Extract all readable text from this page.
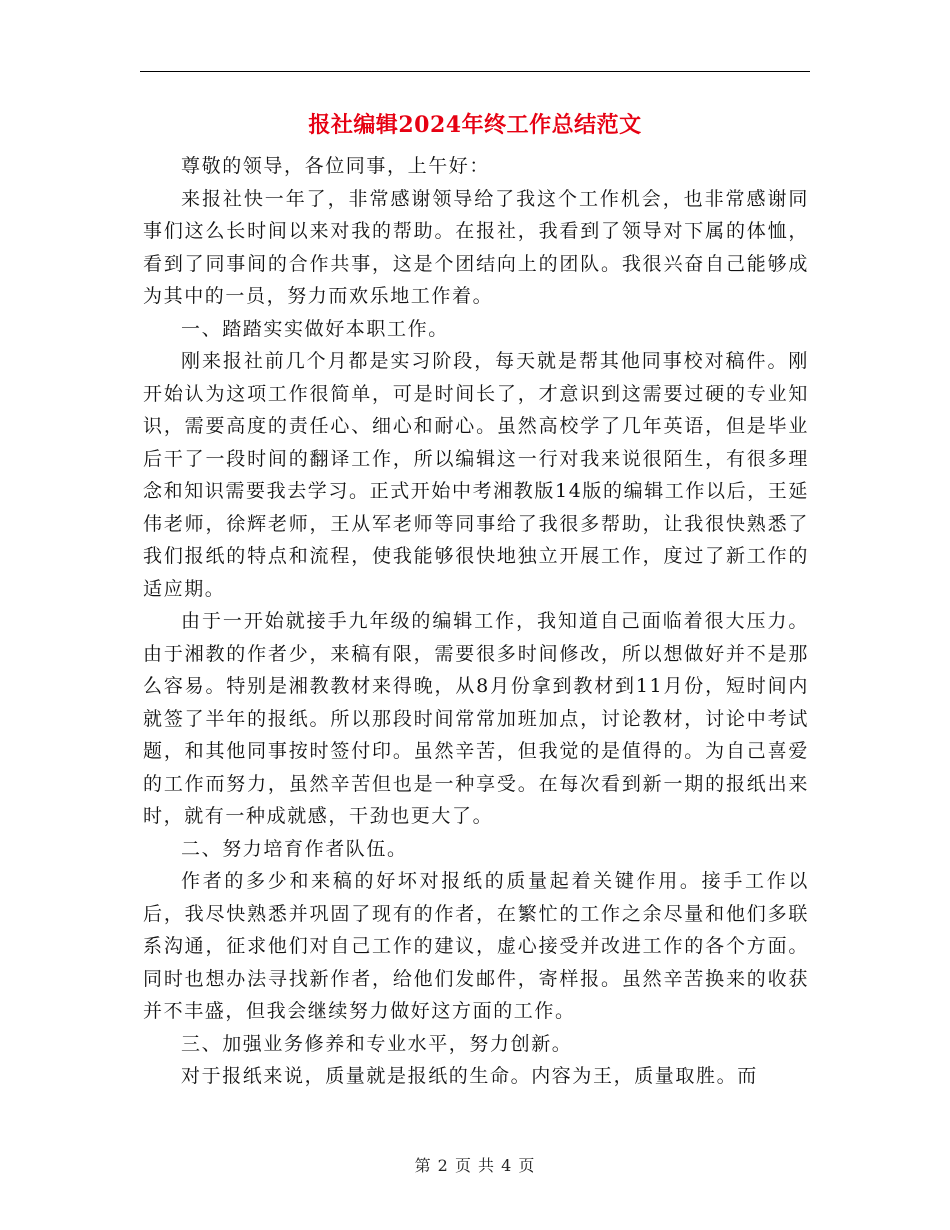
报社编辑2024年终工作总结范文

尊敬的领导，各位同事，上午好：

来报社快一年了，非常感谢领导给了我这个工作机会，也非常感谢同事们这么长时间以来对我的帮助。在报社，我看到了领导对下属的体恤，看到了同事间的合作共事，这是个团结向上的团队。我很兴奋自己能够成为其中的一员，努力而欢乐地工作着。

一、踏踏实实做好本职工作。

刚来报社前几个月都是实习阶段，每天就是帮其他同事校对稿件。刚开始认为这项工作很简单，可是时间长了，才意识到这需要过硬的专业知识，需要高度的责任心、细心和耐心。虽然高校学了几年英语，但是毕业后干了一段时间的翻译工作，所以编辑这一行对我来说很陌生，有很多理念和知识需要我去学习。正式开始中考湘教版14版的编辑工作以后，王延伟老师，徐辉老师，王从军老师等同事给了我很多帮助，让我很快熟悉了我们报纸的特点和流程，使我能够很快地独立开展工作，度过了新工作的适应期。

由于一开始就接手九年级的编辑工作，我知道自己面临着很大压力。由于湘教的作者少，来稿有限，需要很多时间修改，所以想做好并不是那么容易。特别是湘教教材来得晚，从8月份拿到教材到11月份，短时间内就签了半年的报纸。所以那段时间常常加班加点，讨论教材，讨论中考试题，和其他同事按时签付印。虽然辛苦，但我觉的是值得的。为自己喜爱的工作而努力，虽然辛苦但也是一种享受。在每次看到新一期的报纸出来时，就有一种成就感，干劲也更大了。

二、努力培育作者队伍。

作者的多少和来稿的好坏对报纸的质量起着关键作用。接手工作以后，我尽快熟悉并巩固了现有的作者，在繁忙的工作之余尽量和他们多联系沟通，征求他们对自己工作的建议，虚心接受并改进工作的各个方面。同时也想办法寻找新作者，给他们发邮件，寄样报。虽然辛苦换来的收获并不丰盛，但我会继续努力做好这方面的工作。

三、加强业务修养和专业水平，努力创新。

对于报纸来说，质量就是报纸的生命。内容为王，质量取胜。而

第 2 页 共 4 页
